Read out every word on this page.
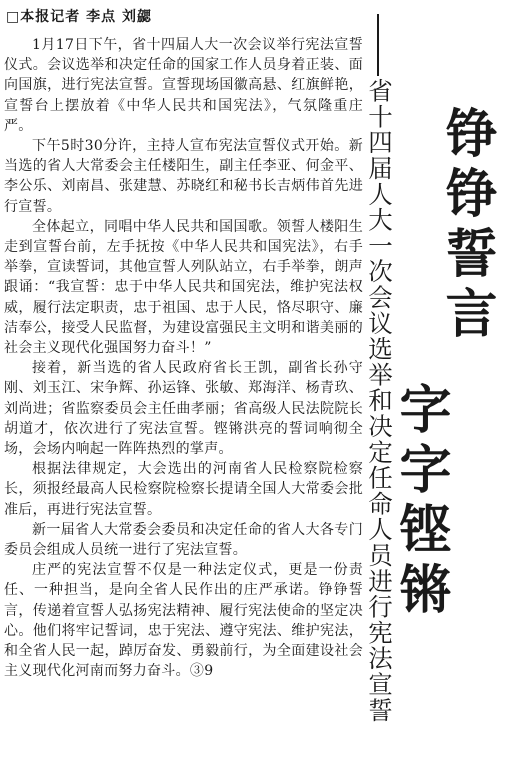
□本报记者 李点 刘勰

1月17日下午，省十四届人大一次会议举行宪法宣誓仪式。会议选举和决定任命的国家工作人员身着正装、面向国旗，进行宪法宣誓。宣誓现场国徽高悬、红旗鲜艳，宣誓台上摆放着《中华人民共和国宪法》，气氛隆重庄严。

下午5时30分许，主持人宣布宪法宣誓仪式开始。新当选的省人大常委会主任楼阳生，副主任李亚、何金平、李公乐、刘南昌、张建慧、苏晓红和秘书长吉炳伟首先进行宣誓。

全体起立，同唱中华人民共和国国歌。领誓人楼阳生走到宣誓台前，左手抚按《中华人民共和国宪法》，右手举拳，宣读誓词，其他宣誓人列队站立，右手举拳，朗声跟诵：“我宣誓：忠于中华人民共和国宪法，维护宪法权威，履行法定职责，忠于祖国、忠于人民，恪尽职守、廉洁奉公，接受人民监督，为建设富强民主文明和谐美丽的社会主义现代化强国努力奋斗！”

接着，新当选的省人民政府省长王凯，副省长孙守刚、刘玉江、宋争辉、孙运锋、张敏、郑海洋、杨青玖、刘尚进；省监察委员会主任曲孝丽；省高级人民法院院长胡道才，依次进行了宪法宣誓。铿锵洪亮的誓词响彻全场，会场内响起一阵阵热烈的掌声。

根据法律规定，大会选出的河南省人民检察院检察长，须报经最高人民检察院检察长提请全国人大常委会批准后，再进行宪法宣誓。

新一届省人大常委会委员和决定任命的省人大各专门委员会组成人员统一进行了宪法宣誓。

庄严的宪法宣誓不仅是一种法定仪式，更是一份责任、一种担当，是向全省人民作出的庄严承诺。铮铮誓言，传递着宣誓人弘扬宪法精神、履行宪法使命的坚定决心。他们将牢记誓词，忠于宪法、遵守宪法、维护宪法，和全省人民一起，踔厉奋发、勇毅前行，为全面建设社会主义现代化河南而努力奋斗。③9	省十四届人大一次会议选举和决定任命人员进行宪法宣誓 铮铮誓言
字字铿锵
